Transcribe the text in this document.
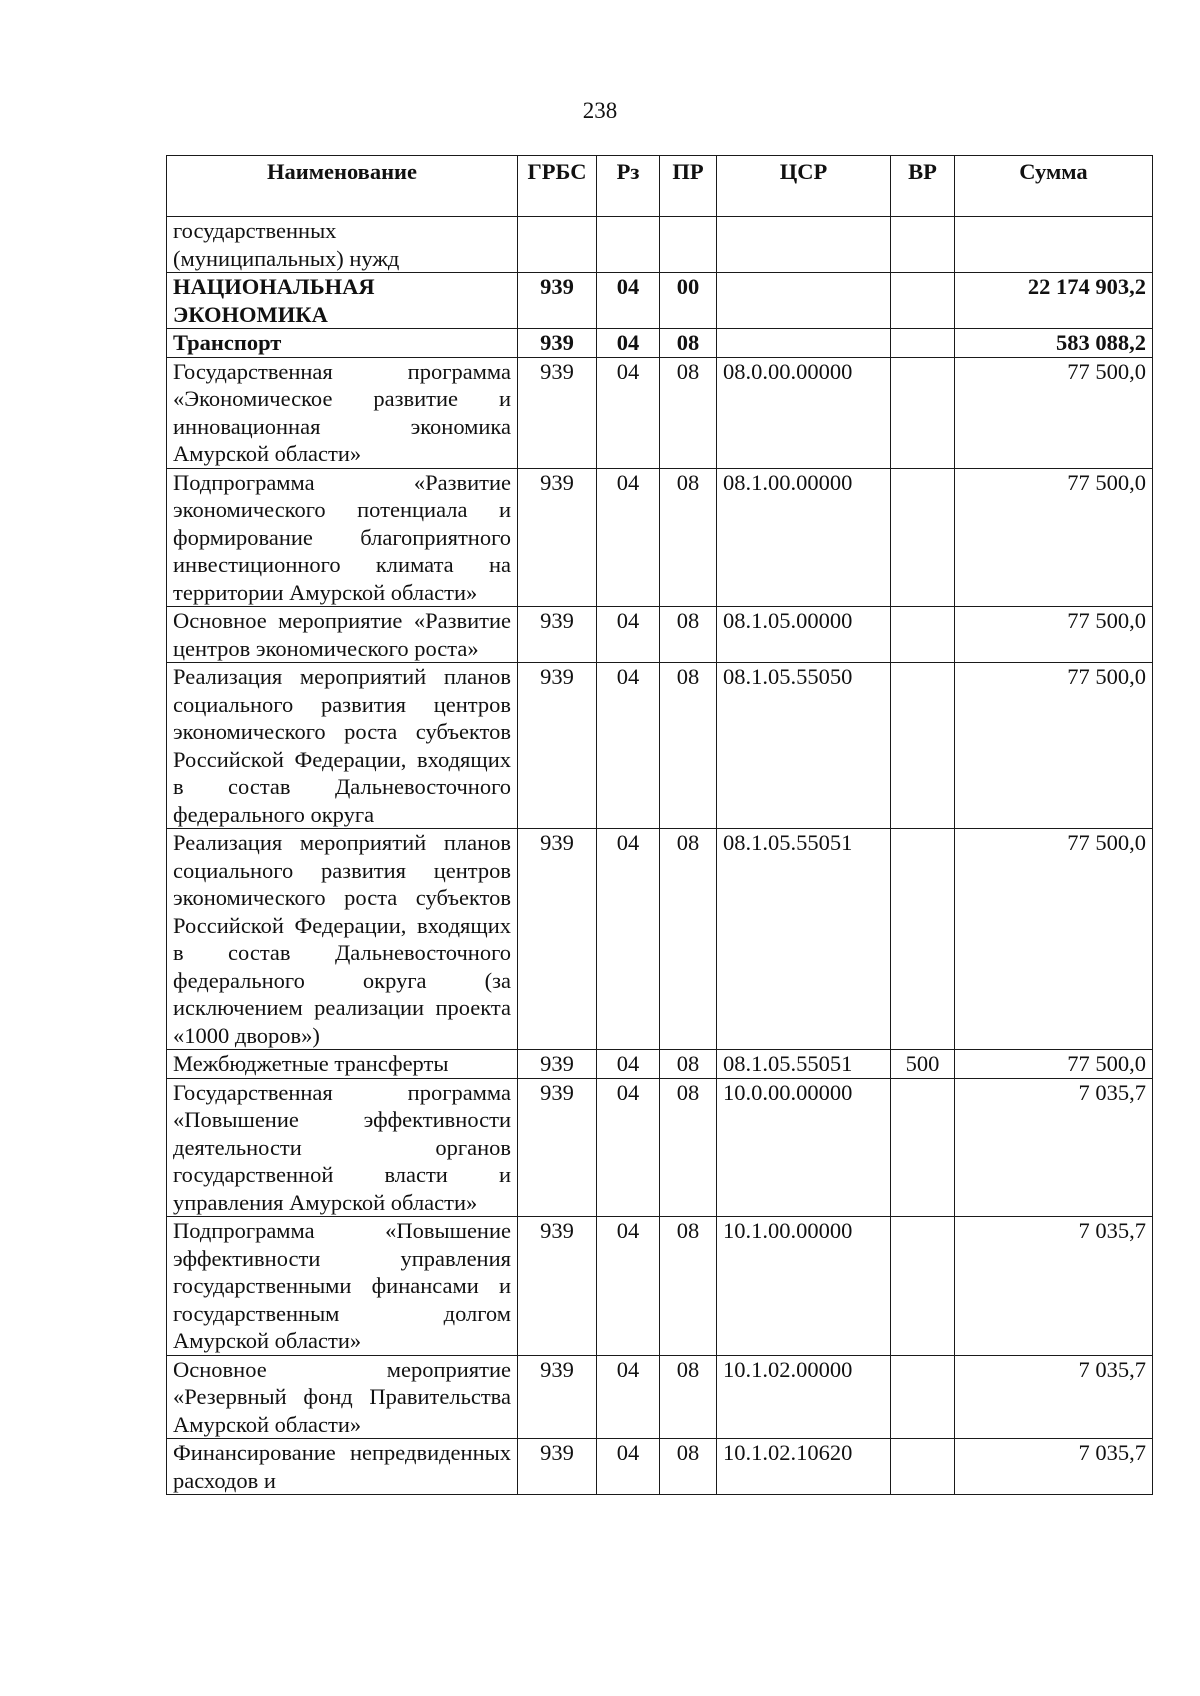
238
Наименование	ГРБС	Рз	ПР	ЦСР	ВР	Сумма
государственных (муниципальных) нужд						
НАЦИОНАЛЬНАЯ ЭКОНОМИКА	939	04	00			22 174 903,2
Транспорт	939	04	08			583 088,2
Государственная программа «Экономическое развитие и инновационная экономика Амурской области»	939	04	08	08.0.00.00000		77 500,0
Подпрограмма «Развитие экономического потенциала и формирование благоприятного инвестиционного климата на территории Амурской области»	939	04	08	08.1.00.00000		77 500,0
Основное мероприятие «Развитие центров экономического роста»	939	04	08	08.1.05.00000		77 500,0
Реализация мероприятий планов социального развития центров экономического роста субъектов Российской Федерации, входящих в состав Дальневосточного федерального округа	939	04	08	08.1.05.55050		77 500,0
Реализация мероприятий планов социального развития центров экономического роста субъектов Российской Федерации, входящих в состав Дальневосточного федерального округа (за исключением реализации проекта «1000 дворов»)	939	04	08	08.1.05.55051		77 500,0
Межбюджетные трансферты	939	04	08	08.1.05.55051	500	77 500,0
Государственная программа «Повышение эффективности деятельности органов государственной власти и управления Амурской области»	939	04	08	10.0.00.00000		7 035,7
Подпрограмма «Повышение эффективности управления государственными финансами и государственным долгом Амурской области»	939	04	08	10.1.00.00000		7 035,7
Основное мероприятие «Резервный фонд Правительства Амурской области»	939	04	08	10.1.02.00000		7 035,7
Финансирование непредвиденных расходов и	939	04	08	10.1.02.10620		7 035,7
